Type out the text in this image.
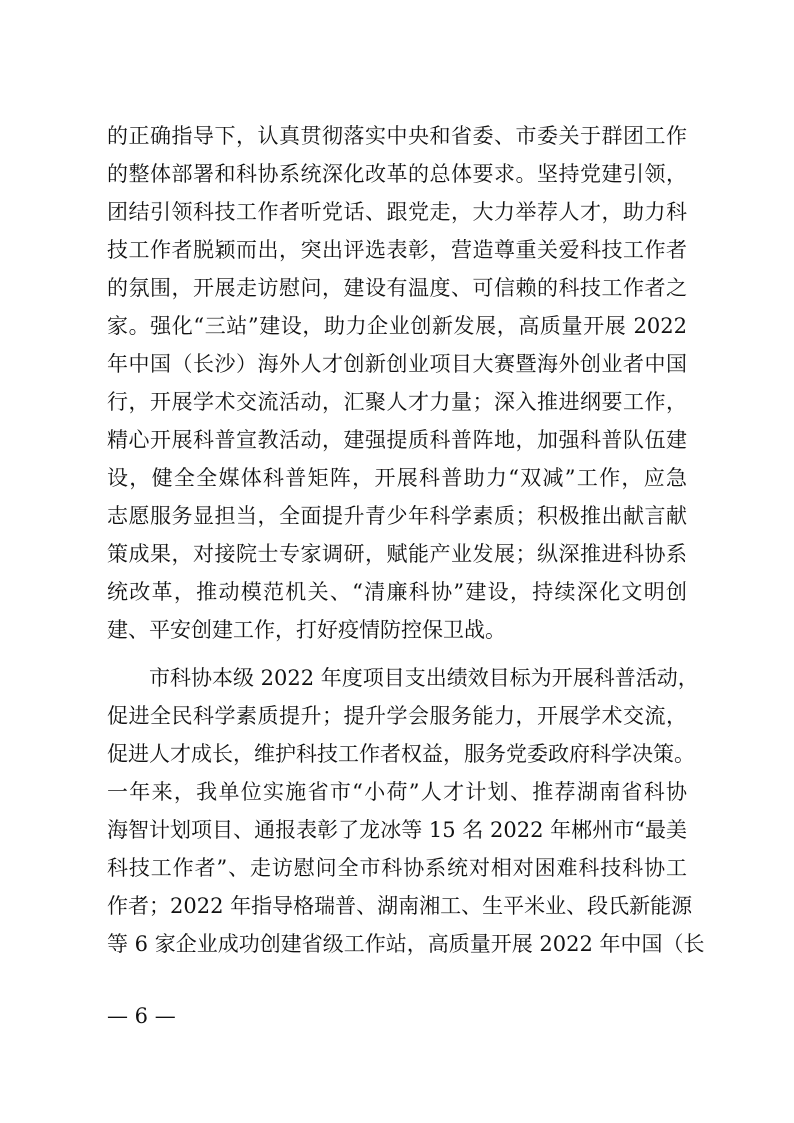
的正确指导下，认真贯彻落实中央和省委、市委关于群团工作
的整体部署和科协系统深化改革的总体要求。坚持党建引领，
团结引领科技工作者听党话、跟党走，大力举荐人才，助力科
技工作者脱颖而出，突出评选表彰，营造尊重关爱科技工作者
的氛围，开展走访慰问，建设有温度、可信赖的科技工作者之
家。强化“三站”建设，助力企业创新发展，高质量开展 2022
年中国（长沙）海外人才创新创业项目大赛暨海外创业者中国
行，开展学术交流活动，汇聚人才力量；深入推进纲要工作，
精心开展科普宣教活动，建强提质科普阵地，加强科普队伍建
设，健全全媒体科普矩阵，开展科普助力“双减”工作，应急
志愿服务显担当，全面提升青少年科学素质；积极推出献言献
策成果，对接院士专家调研，赋能产业发展；纵深推进科协系
统改革，推动模范机关、“清廉科协”建设，持续深化文明创
建、平安创建工作，打好疫情防控保卫战。
市科协本级 2022 年度项目支出绩效目标为开展科普活动，
促进全民科学素质提升；提升学会服务能力，开展学术交流，
促进人才成长，维护科技工作者权益，服务党委政府科学决策。
一年来，我单位实施省市“小荷”人才计划、推荐湖南省科协
海智计划项目、通报表彰了龙冰等 15 名 2022 年郴州市“最美
科技工作者”、走访慰问全市科协系统对相对困难科技科协工
作者；2022 年指导格瑞普、湖南湘工、生平米业、段氏新能源
等 6 家企业成功创建省级工作站，高质量开展 2022 年中国（长
— 6 —
